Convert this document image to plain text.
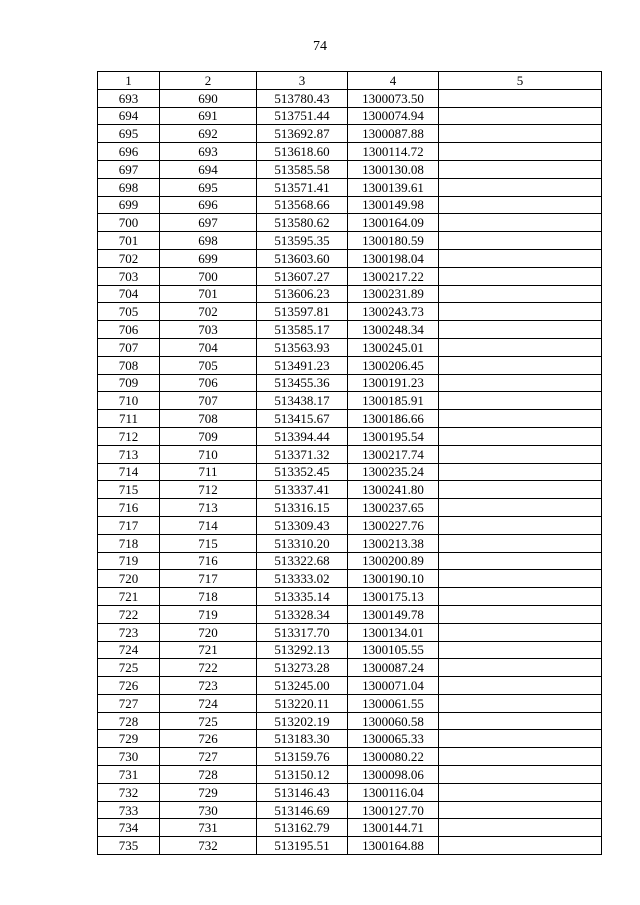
74
1	2	3	4	5
693	690	513780.43	1300073.50	
694	691	513751.44	1300074.94	
695	692	513692.87	1300087.88	
696	693	513618.60	1300114.72	
697	694	513585.58	1300130.08	
698	695	513571.41	1300139.61	
699	696	513568.66	1300149.98	
700	697	513580.62	1300164.09	
701	698	513595.35	1300180.59	
702	699	513603.60	1300198.04	
703	700	513607.27	1300217.22	
704	701	513606.23	1300231.89	
705	702	513597.81	1300243.73	
706	703	513585.17	1300248.34	
707	704	513563.93	1300245.01	
708	705	513491.23	1300206.45	
709	706	513455.36	1300191.23	
710	707	513438.17	1300185.91	
711	708	513415.67	1300186.66	
712	709	513394.44	1300195.54	
713	710	513371.32	1300217.74	
714	711	513352.45	1300235.24	
715	712	513337.41	1300241.80	
716	713	513316.15	1300237.65	
717	714	513309.43	1300227.76	
718	715	513310.20	1300213.38	
719	716	513322.68	1300200.89	
720	717	513333.02	1300190.10	
721	718	513335.14	1300175.13	
722	719	513328.34	1300149.78	
723	720	513317.70	1300134.01	
724	721	513292.13	1300105.55	
725	722	513273.28	1300087.24	
726	723	513245.00	1300071.04	
727	724	513220.11	1300061.55	
728	725	513202.19	1300060.58	
729	726	513183.30	1300065.33	
730	727	513159.76	1300080.22	
731	728	513150.12	1300098.06	
732	729	513146.43	1300116.04	
733	730	513146.69	1300127.70	
734	731	513162.79	1300144.71	
735	732	513195.51	1300164.88	
